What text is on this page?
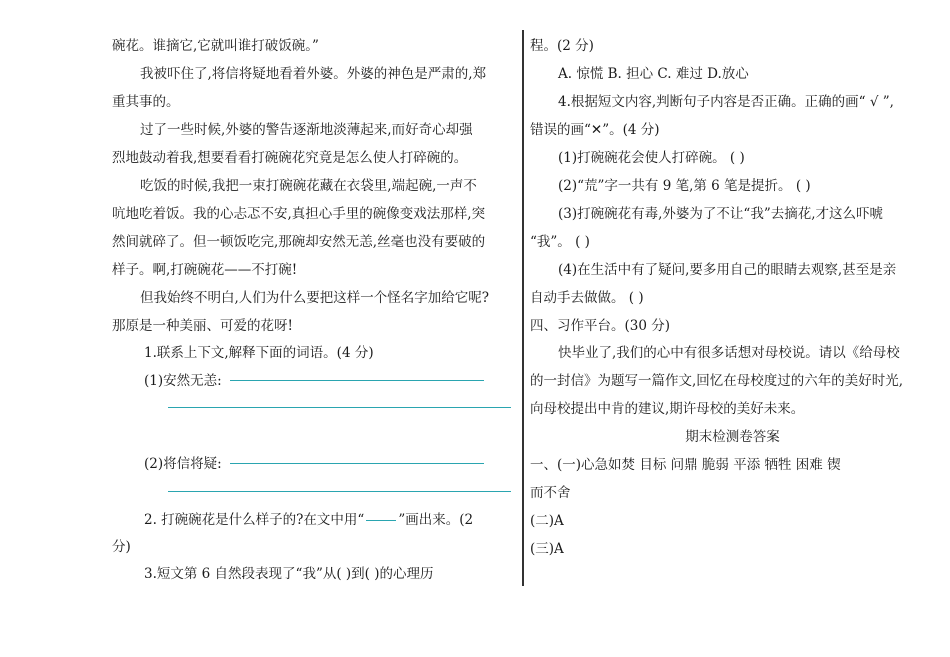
碗花。谁摘它,它就叫谁打破饭碗。”
我被吓住了,将信将疑地看着外婆。外婆的神色是严肃的,郑
重其事的。
过了一些时候,外婆的警告逐渐地淡薄起来,而好奇心却强
烈地鼓动着我,想要看看打碗碗花究竟是怎么使人打碎碗的。
吃饭的时候,我把一束打碗碗花藏在衣袋里,端起碗,一声不
吭地吃着饭。我的心忐忑不安,真担心手里的碗像变戏法那样,突
然间就碎了。但一顿饭吃完,那碗却安然无恙,丝毫也没有要破的
样子。啊,打碗碗花——不打碗!
但我始终不明白,人们为什么要把这样一个怪名字加给它呢?
那原是一种美丽、可爱的花呀!
1.联系上下文,解释下面的词语。(4 分)
(1)安然无恙:
(2)将信将疑:
2. 打碗碗花是什么样子的?在文中用“	”画出来。(2
分)
3.短文第 6 自然段表现了“我”从( )到( )的心理历
程。(2 分)
A. 惊慌 B. 担心 C. 难过 D.放心
4.根据短文内容,判断句子内容是否正确。正确的画“ √ ”,
错误的画“✕”。(4 分)
(1)打碗碗花会使人打碎碗。 ( )
(2)“荒”字一共有 9 笔,第 6 笔是提折。 ( )
(3)打碗碗花有毒,外婆为了不让“我”去摘花,才这么吓唬
“我”。 ( )
(4)在生活中有了疑问,要多用自己的眼睛去观察,甚至是亲
自动手去做做。 ( )
四、习作平台。(30 分)
快毕业了,我们的心中有很多话想对母校说。请以《给母校
的一封信》为题写一篇作文,回忆在母校度过的六年的美好时光,
向母校提出中肯的建议,期许母校的美好未来。
期末检测卷答案
一、(一)心急如焚 目标 问鼎 脆弱 平添 牺牲 困难 锲
而不舍
(二)A
(三)A
